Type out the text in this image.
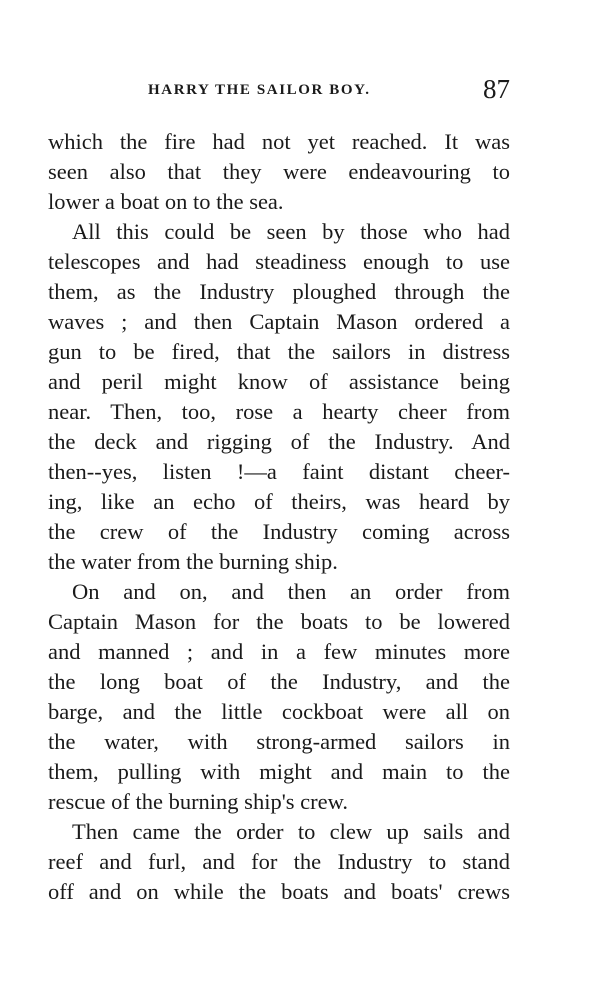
HARRY THE SAILOR BOY.	87
which the fire had not yet reached. It was
seen also that they were endeavouring to
lower a boat on to the sea.
All this could be seen by those who had
telescopes and had steadiness enough to use
them, as the Industry ploughed through the
waves ; and then Captain Mason ordered a
gun to be fired, that the sailors in distress
and peril might know of assistance being
near. Then, too, rose a hearty cheer from
the deck and rigging of the Industry. And
then--yes, listen !—a faint distant cheer-
ing, like an echo of theirs, was heard by
the crew of the Industry coming across
the water from the burning ship.
On and on, and then an order from
Captain Mason for the boats to be lowered
and manned ; and in a few minutes more
the long boat of the Industry, and the
barge, and the little cockboat were all on
the water, with strong-armed sailors in
them, pulling with might and main to the
rescue of the burning ship's crew.
Then came the order to clew up sails and
reef and furl, and for the Industry to stand
off and on while the boats and boats' crews
